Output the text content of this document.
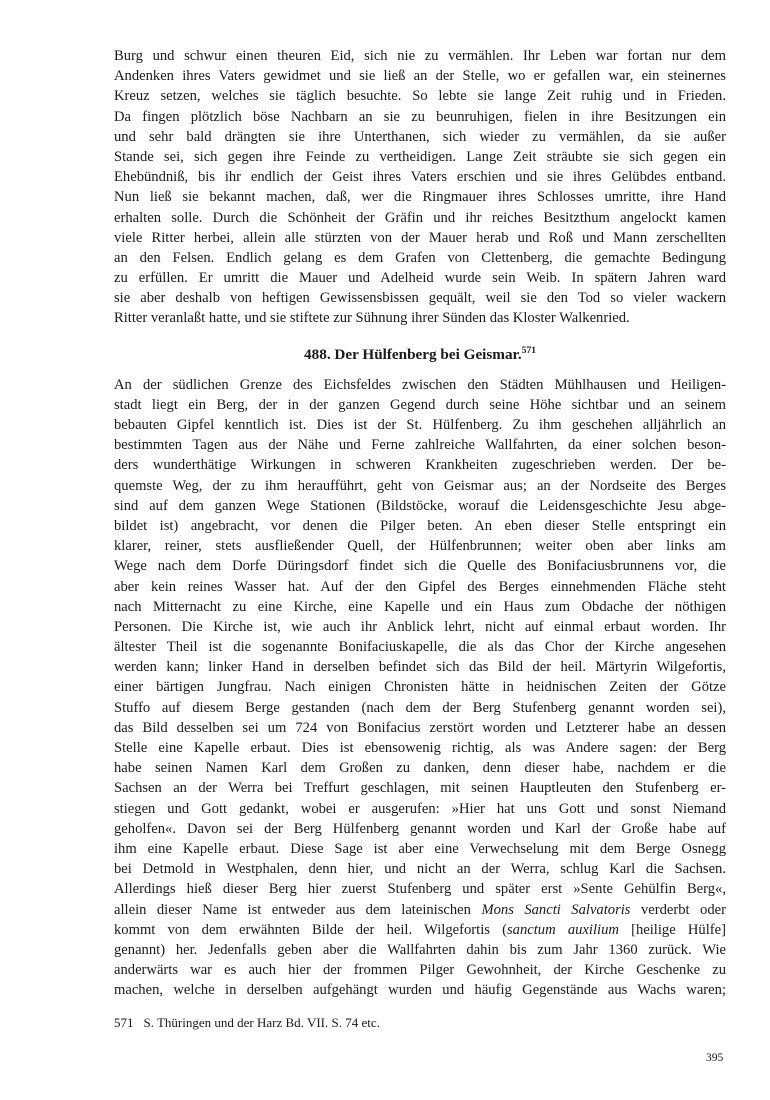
Burg und schwur einen theuren Eid, sich nie zu vermählen. Ihr Leben war fortan nur dem
Andenken ihres Vaters gewidmet und sie ließ an der Stelle, wo er gefallen war, ein steinernes
Kreuz setzen, welches sie täglich besuchte. So lebte sie lange Zeit ruhig und in Frieden.
Da fingen plötzlich böse Nachbarn an sie zu beunruhigen, fielen in ihre Besitzungen ein
und sehr bald drängten sie ihre Unterthanen, sich wieder zu vermählen, da sie außer
Stande sei, sich gegen ihre Feinde zu vertheidigen. Lange Zeit sträubte sie sich gegen ein
Ehebündniß, bis ihr endlich der Geist ihres Vaters erschien und sie ihres Gelübdes entband.
Nun ließ sie bekannt machen, daß, wer die Ringmauer ihres Schlosses umritte, ihre Hand
erhalten solle. Durch die Schönheit der Gräfin und ihr reiches Besitzthum angelockt kamen
viele Ritter herbei, allein alle stürzten von der Mauer herab und Roß und Mann zerschellten
an den Felsen. Endlich gelang es dem Grafen von Clettenberg, die gemachte Bedingung
zu erfüllen. Er umritt die Mauer und Adelheid wurde sein Weib. In spätern Jahren ward
sie aber deshalb von heftigen Gewissensbissen gequält, weil sie den Tod so vieler wackern
Ritter veranlaßt hatte, und sie stiftete zur Sühnung ihrer Sünden das Kloster Walkenried.
488. Der Hülfenberg bei Geismar.$^{571}$
An der südlichen Grenze des Eichsfeldes zwischen den Städten Mühlhausen und Heiligen-
stadt liegt ein Berg, der in der ganzen Gegend durch seine Höhe sichtbar und an seinem
bebauten Gipfel kenntlich ist. Dies ist der St. Hülfenberg. Zu ihm geschehen alljährlich an
bestimmten Tagen aus der Nähe und Ferne zahlreiche Wallfahrten, da einer solchen beson-
ders wunderthätige Wirkungen in schweren Krankheiten zugeschrieben werden. Der be-
quemste Weg, der zu ihm heraufführt, geht von Geismar aus; an der Nordseite des Berges
sind auf dem ganzen Wege Stationen (Bildstöcke, worauf die Leidensgeschichte Jesu abge-
bildet ist) angebracht, vor denen die Pilger beten. An eben dieser Stelle entspringt ein
klarer, reiner, stets ausfließender Quell, der Hülfenbrunnen; weiter oben aber links am
Wege nach dem Dorfe Düringsdorf findet sich die Quelle des Bonifaciusbrunnens vor, die
aber kein reines Wasser hat. Auf der den Gipfel des Berges einnehmenden Fläche steht
nach Mitternacht zu eine Kirche, eine Kapelle und ein Haus zum Obdache der nöthigen
Personen. Die Kirche ist, wie auch ihr Anblick lehrt, nicht auf einmal erbaut worden. Ihr
ältester Theil ist die sogenannte Bonifaciuskapelle, die als das Chor der Kirche angesehen
werden kann; linker Hand in derselben befindet sich das Bild der heil. Märtyrin Wilgefortis,
einer bärtigen Jungfrau. Nach einigen Chronisten hätte in heidnischen Zeiten der Götze
Stuffo auf diesem Berge gestanden (nach dem der Berg Stufenberg genannt worden sei),
das Bild desselben sei um 724 von Bonifacius zerstört worden und Letzterer habe an dessen
Stelle eine Kapelle erbaut. Dies ist ebensowenig richtig, als was Andere sagen: der Berg
habe seinen Namen Karl dem Großen zu danken, denn dieser habe, nachdem er die
Sachsen an der Werra bei Treffurt geschlagen, mit seinen Hauptleuten den Stufenberg er-
stiegen und Gott gedankt, wobei er ausgerufen: »Hier hat uns Gott und sonst Niemand
geholfen«. Davon sei der Berg Hülfenberg genannt worden und Karl der Große habe auf
ihm eine Kapelle erbaut. Diese Sage ist aber eine Verwechselung mit dem Berge Osnegg
bei Detmold in Westphalen, denn hier, und nicht an der Werra, schlug Karl die Sachsen.
Allerdings hieß dieser Berg hier zuerst Stufenberg und später erst »Sente Gehülfin Berg«,
allein dieser Name ist entweder aus dem lateinischen Mons Sancti Salvatoris verderbt oder
kommt von dem erwähnten Bilde der heil. Wilgefortis (sanctum auxilium [heilige Hülfe]
genannt) her. Jedenfalls geben aber die Wallfahrten dahin bis zum Jahr 1360 zurück. Wie
anderwärts war es auch hier der frommen Pilger Gewohnheit, der Kirche Geschenke zu
machen, welche in derselben aufgehängt wurden und häufig Gegenstände aus Wachs waren;
571 S. Thüringen und der Harz Bd. VII. S. 74 etc.
395
